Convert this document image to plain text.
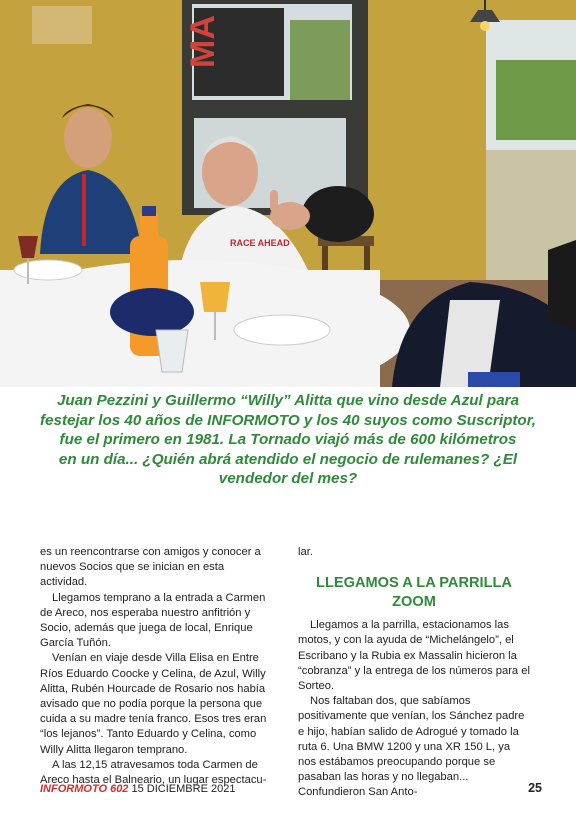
MA
RACE AHEAD

Juan Pezzini y Guillermo “Willy” Alitta que vino desde Azul para

festejar los 40 años de INFORMOTO y los 40 suyos como Suscriptor,

fue el primero en 1981. La Tornado viajó más de 600 kilómetros

en un día... ¿Quién abrá atendido el negocio de rulemanes? ¿El

vendedor del mes?

es un reencontrarse con amigos y conocer a nuevos Socios que se inician en esta actividad.

Llegamos temprano a la entrada a Carmen de Areco, nos esperaba nuestro anfitrión y Socio, además que juega de local, Enrique García Tuñón.

Venían en viaje desde Villa Elisa en Entre Ríos Eduardo Coocke y Celina, de Azul, Willy Alitta, Rubén Hourcade de Rosario nos había avisado que no podía porque la persona que cuida a su madre tenía franco. Esos tres eran “los lejanos”. Tanto Eduardo y Celina, como Willy Alitta llegaron temprano.

A las 12,15 atravesamos toda Carmen de Areco hasta el Balneario, un lugar espectacu-

lar.

LLEGAMOS A LA PARRILLA ZOOM

Llegamos a la parrilla, estacionamos las motos, y con la ayuda de “Michelángelo”, el Escribano y la Rubia ex Massalin hicieron la “cobranza” y la entrega de los números para el Sorteo.

Nos faltaban dos, que sabíamos positivamente que venían, los Sánchez padre e hijo, habían salido de Adrogué y tomado la ruta 6. Una BMW 1200 y una XR 150 L, ya nos estábamos preocupando porque se pasaban las horas y no llegaban... Confundieron San Anto-

INFORMOTO 602 15 DICIEMBRE 2021	25
